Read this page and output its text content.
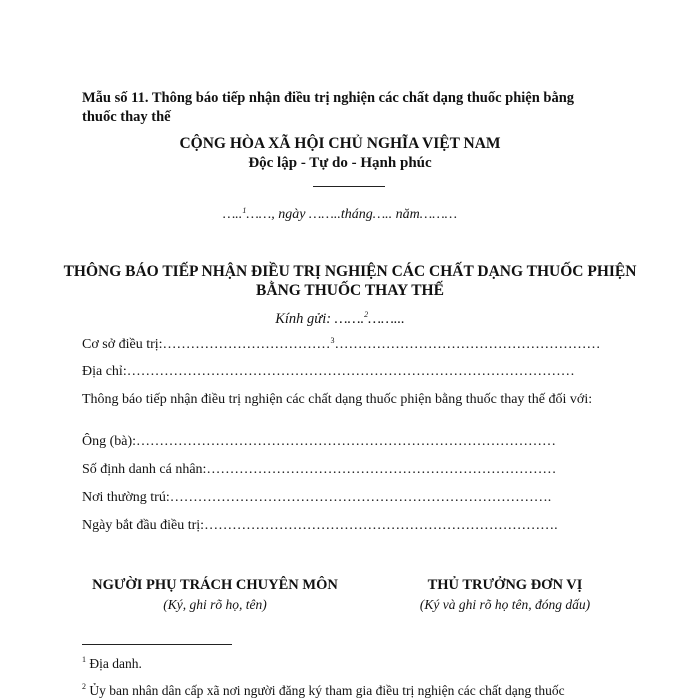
Mẫu số 11. Thông báo tiếp nhận điều trị nghiện các chất dạng thuốc phiện bằng thuốc thay thế

CỘNG HÒA XÃ HỘI CHỦ NGHĨA VIỆT NAM

Độc lập - Tự do - Hạnh phúc

…..$^1$……, ngày ……..tháng….. năm………

THÔNG BÁO TIẾP NHẬN ĐIỀU TRỊ NGHIỆN CÁC CHẤT DẠNG THUỐC PHIỆN BẰNG THUỐC THAY THẾ

Kính gửi: …….$^2$……...

Cơ sở điều trị:………………………………$^3$…………………………………………………

Địa chỉ:……………………………………………………………………………………

Thông báo tiếp nhận điều trị nghiện các chất dạng thuốc phiện bằng thuốc thay thế đối với:

Ông (bà):………………………………………………………………………………

Số định danh cá nhân:…………………………………………………………………

Nơi thường trú:……………………………………………………………………….

Ngày bắt đầu điều trị:………………………………………………………………….

NGƯỜI PHỤ TRÁCH CHUYÊN MÔN

(Ký, ghi rõ họ, tên)

THỦ TRƯỞNG ĐƠN VỊ

(Ký và ghi rõ họ tên, đóng dấu)

$^1$ Địa danh.

$^2$ Ủy ban nhân dân cấp xã nơi người đăng ký tham gia điều trị nghiện các chất dạng thuốc
